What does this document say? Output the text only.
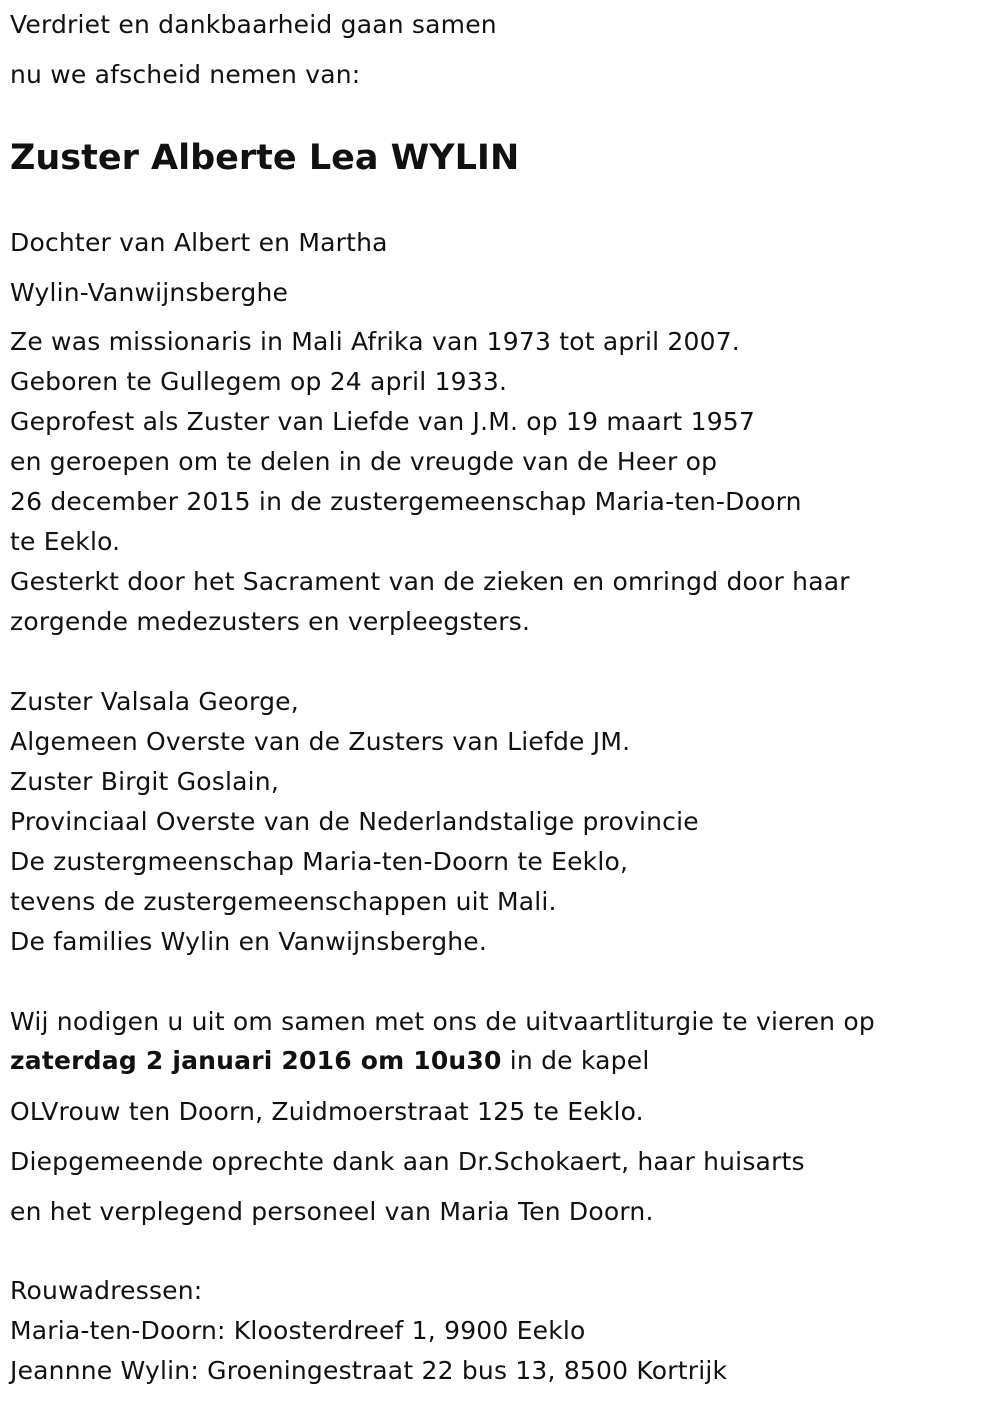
Verdriet en dankbaarheid gaan samen
nu we afscheid nemen van:
Zuster Alberte Lea WYLIN
Dochter van Albert en Martha
Wylin-Vanwijnsberghe
Ze was missionaris in Mali Afrika van 1973 tot april 2007.
Geboren te Gullegem op 24 april 1933.
Geprofest als Zuster van Liefde van J.M. op 19 maart 1957
en geroepen om te delen in de vreugde van de Heer op
26 december 2015 in de zustergemeenschap Maria-ten-Doorn
te Eeklo.
Gesterkt door het Sacrament van de zieken en omringd door haar
zorgende medezusters en verpleegsters.
Zuster Valsala George,
Algemeen Overste van de Zusters van Liefde JM.
Zuster Birgit Goslain,
Provinciaal Overste van de Nederlandstalige provincie
De zustergmeenschap Maria-ten-Doorn te Eeklo,
tevens de zustergemeenschappen uit Mali.
De families Wylin en Vanwijnsberghe.
Wij nodigen u uit om samen met ons de uitvaartliturgie te vieren op
zaterdag 2 januari 2016 om 10u30 in de kapel
OLVrouw ten Doorn, Zuidmoerstraat 125 te Eeklo.
Diepgemeende oprechte dank aan Dr.Schokaert, haar huisarts
en het verplegend personeel van Maria Ten Doorn.
Rouwadressen:
Maria-ten-Doorn: Kloosterdreef 1, 9900 Eeklo
Jeannne Wylin: Groeningestraat 22 bus 13, 8500 Kortrijk
